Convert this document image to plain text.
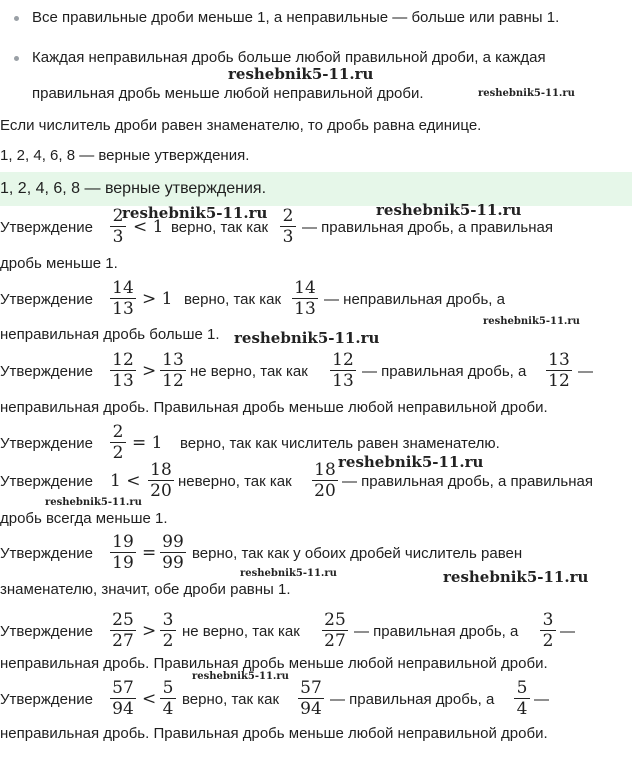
Все правильные дроби меньше 1, а неправильные — больше или равны 1.
Каждая неправильная дробь больше любой правильной дроби, а каждая
правильная дробь меньше любой неправильной дроби.
Если числитель дроби равен знаменателю, то дробь равна единице.
1, 2, 4, 6, 8 — верные утверждения.
1, 2, 4, 6, 8 — верные утверждения.
Утверждение
2
3 < 1 верно, так как
2
3 — правильная дробь, а правильная
дробь меньше 1.
Утверждение
14
13 > 1 верно, так как
14
13 — неправильная дробь, а
неправильная дробь больше 1.
Утверждение
12
13 >
13
12 не верно, так как
12
13 — правильная дробь, а
13
12 —
неправильная дробь. Правильная дробь меньше любой неправильной дроби.
Утверждение
2
2 = 1 верно, так как числитель равен знаменателю.
Утверждение 1 <
18
20 неверно, так как
18
20 — правильная дробь, а правильная
дробь всегда меньше 1.
Утверждение
19
19 =
99
99 верно, так как у обоих дробей числитель равен
знаменателю, значит, обе дроби равны 1.
Утверждение
25
27 >
3
2 не верно, так как
25
27 — правильная дробь, а
3
2 —
неправильная дробь. Правильная дробь меньше любой неправильной дроби.
Утверждение
57
94 <
5
4 верно, так как
57
94 — правильная дробь, а
5
4 —
неправильная дробь. Правильная дробь меньше любой неправильной дроби.
reshebnik5-11.ru
reshebnik5-11.ru
reshebnik5-11.ru	reshebnik5-11.ru
reshebnik5-11.ru
reshebnik5-11.ru
reshebnik5-11.ru
reshebnik5-11.ru
reshebnik5-11.ru	reshebnik5-11.ru
reshebnik5-11.ru
